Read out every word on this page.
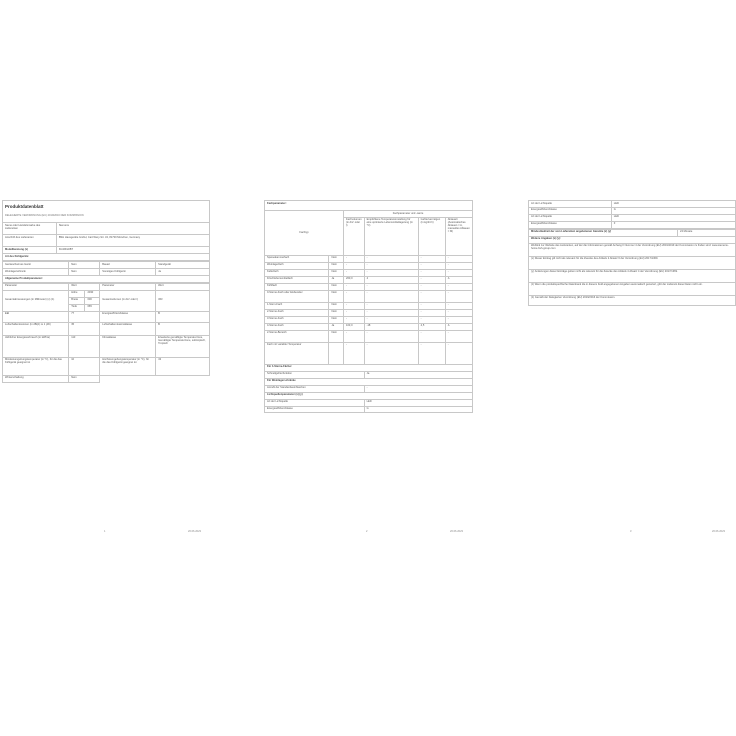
Produktdatenblatt
DELEGIERTE VERORDNUNG (EU) 2019/2016 DER KOMMISSION
Name oder Handelsmarke des Lieferanten	Siemens
Anschrift des Lieferanten	BSH Hausgeräte GmbH, Carl-Wery-Str. 34, 81739 München, Germany
Modellkennung (x)	KG39NAIBT
Art des Kühlgeräts:	
Geräuscharmes Gerät	Nein	Bauart	Standgerät
Weinlagerschrank	Nein	Sonstiges Kühlgerät	Ja
Allgemeine Produktparameter:			
Parameter	Wert		Parameter	Wert
Gesamtabmessungen (in Millimeter) (x) (1)	Höhe	2030	Gesamtvolumen (in dm³ oder l)	363
	Breite	600		
	Tiefe	665		
EEI	77		Energieeffizienzklasse	B
Luftschallemissionen (in dB(A) re 1 pW)	35		Luftschallemissionsklasse	B
Jährlicher Energieverbrauch (in kWh/a)	113		Klimaklasse	Erweiterte gemäßigte Temperaturzone, Gemäßigte Temperaturzone, subtropisch, Tropisch
Mindestumgebungstemperatur (in °C), für die das Kühlgerät geeignet ist	10		Höchstumgebungstemperatur (in °C), für die das Kühlgerät geeignet ist	43
Winterschaltung	Nein			
1	20.06.2023
Fachparameter:					
Fachtyp		Fachparameter und -werte			
		Fachvolumen (in dm³ oder l)	Empfohlene Temperatureinstellung für eine optimierte Lebensmittellagerung (in °C)	Gefriervermögen (in kg/24 h)	Abtauart (Automatisches Abtauen = A, manuelles Abtauen = M)
Speisekammerfach	Nein	-	-	-	-
Weinlagerfach	Nein	-	-	-	-
Kellerfach	Nein	-	-	-	-
Frischlebensmittelfach	Ja	260,0	4	-	A
Kühlfach	Nein	-	-	-	-
0-Sterne-Fach oder Eisbereiter	Nein	-	-	-	-
1-Stern-Fach	Nein	-	-	-	-
2-Sterne-Fach	Nein	-	-	-	-
3-Sterne-Fach	Nein	-	-	-	-
4-Sterne-Fach	Ja	103,0	-18	4,5	A
2-Sterne-Bereich	Nein	-	-	-	-
Fach mit variabler Temperatur		-	-	-	-
Für 4-Sterne-Fächer					
Schnellgefrierfunktion			Ja		
Für Weinlagerschränke					
Anzahl der Standardweinflaschen			-		
Lichtquellenparameter (x) (y)					
Art der Lichtquelle			LED		
Energieeffizienzklasse			G		
2	20.06.2023
Art der Lichtquelle	LED
Energieeffizienzklasse	G
Art der Lichtquelle	LED
Energieeffizienzklasse	F
Mindestlaufzeit der vom Lieferanten angebotenen Garantie (x) (y)	24 Monate
Weitere Angaben (x) (y):
Weblink zur Website des Lieferanten, auf der die Informationen gemäß Anhang II Nummer 4 der Verordnung (EU) 2019/2019 der Kommission zu finden sind: www.siemens-home.bsh-group.com
(x) Dieser Eintrag gilt nicht als relevant für die Zwecke des Artikels 2 Absatz 6 der Verordnung (EU) 2017/1369.
(y) Änderungen dieser Einträge gelten nicht als relevant für die Zwecke des Artikels 4 Absatz 4 der Verordnung (EU) 2017/1369.
(z) Wenn die produktspezifische Datenbank die in diesem Feld angegebenen Angaben automatisch generiert, gibt der Lieferant diese Daten nicht ein.
(1) Gemäß der Delegierten Verordnung (EU) 2019/2016 der Kommission.
3	20.06.2023
